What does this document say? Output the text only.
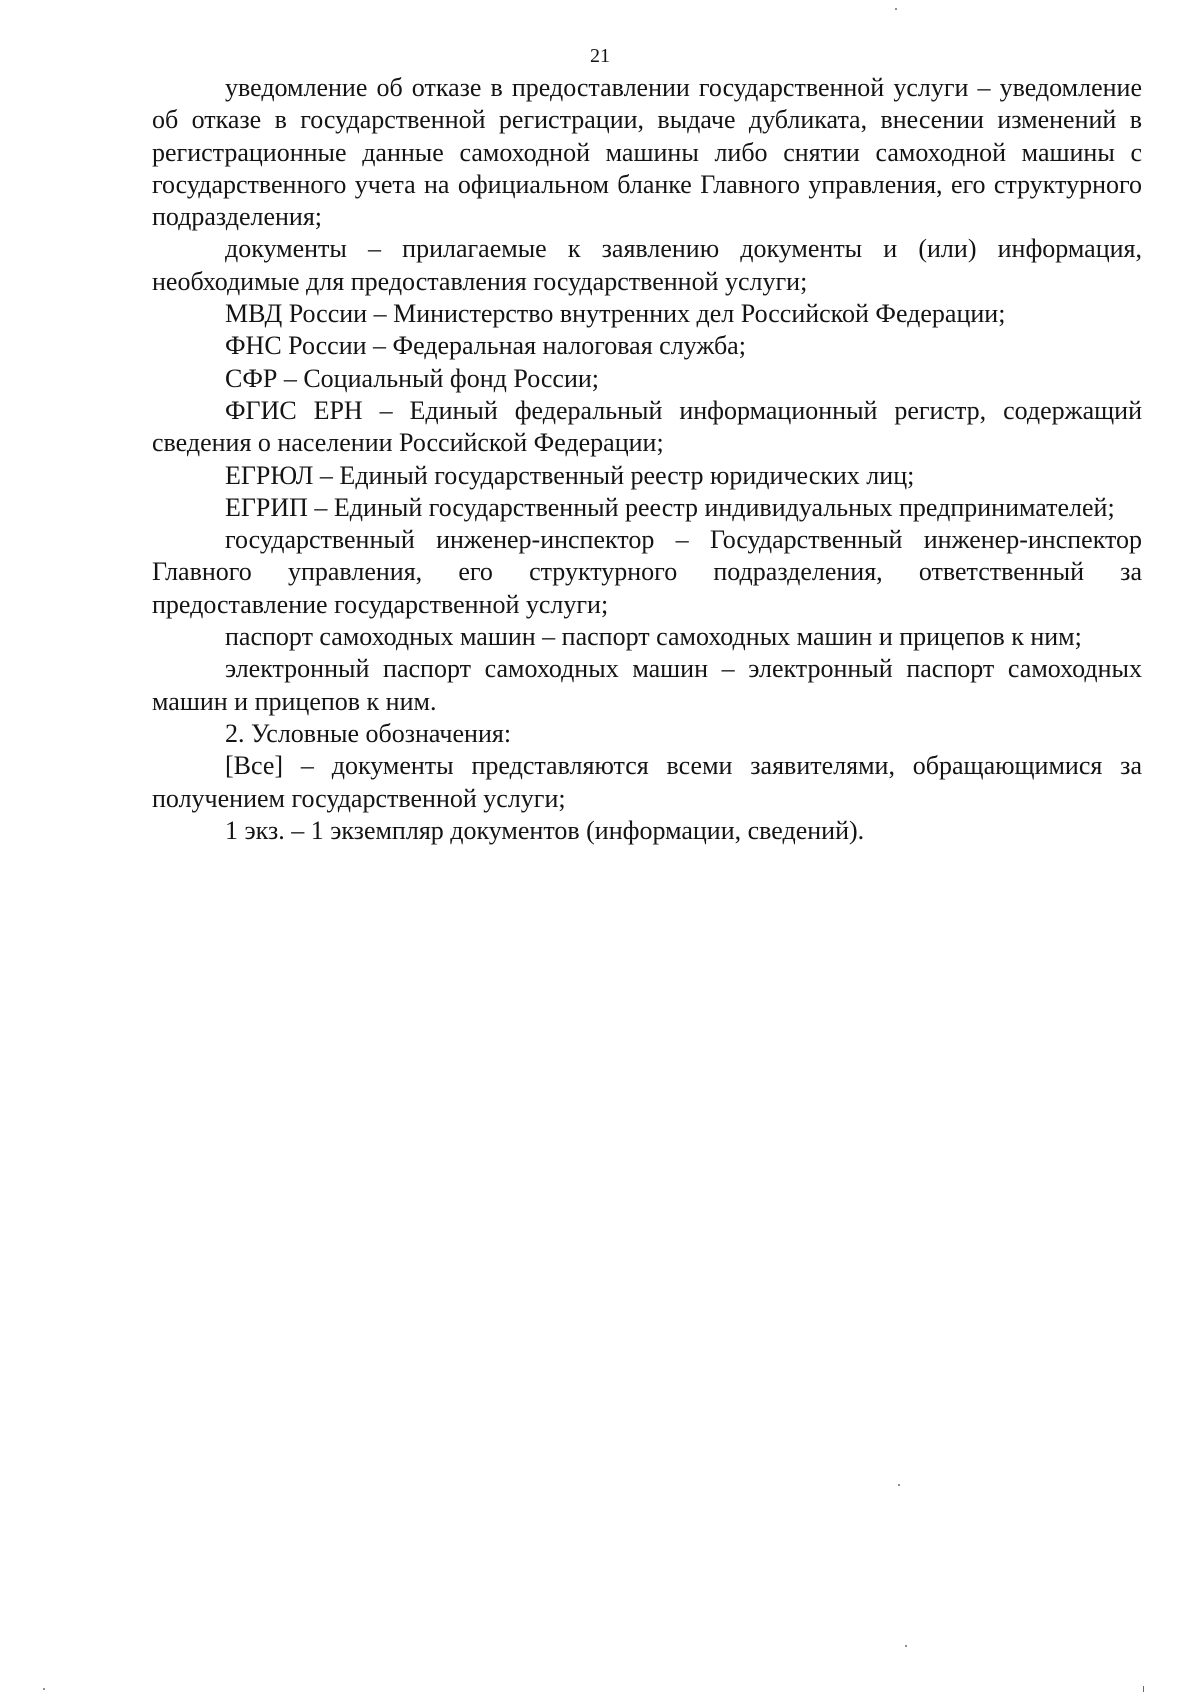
21

уведомление об отказе в предоставлении государственной услуги – уведомление об отказе в государственной регистрации, выдаче дубликата, внесении изменений в регистрационные данные самоходной машины либо снятии самоходной машины с государственного учета на официальном бланке Главного управления, его структурного подразделения;

документы – прилагаемые к заявлению документы и (или) информация, необходимые для предоставления государственной услуги;

МВД России – Министерство внутренних дел Российской Федерации;

ФНС России – Федеральная налоговая служба;

СФР – Социальный фонд России;

ФГИС ЕРН – Единый федеральный информационный регистр, содержащий сведения о населении Российской Федерации;

ЕГРЮЛ – Единый государственный реестр юридических лиц;

ЕГРИП – Единый государственный реестр индивидуальных предпринимателей;

государственный инженер-инспектор – Государственный инженер-инспектор Главного управления, его структурного подразделения, ответственный за предоставление государственной услуги;

паспорт самоходных машин – паспорт самоходных машин и прицепов к ним;

электронный паспорт самоходных машин – электронный паспорт самоходных машин и прицепов к ним.

2. Условные обозначения:

[Все] – документы представляются всеми заявителями, обращающимися за получением государственной услуги;

1 экз. – 1 экземпляр документов (информации, сведений).
